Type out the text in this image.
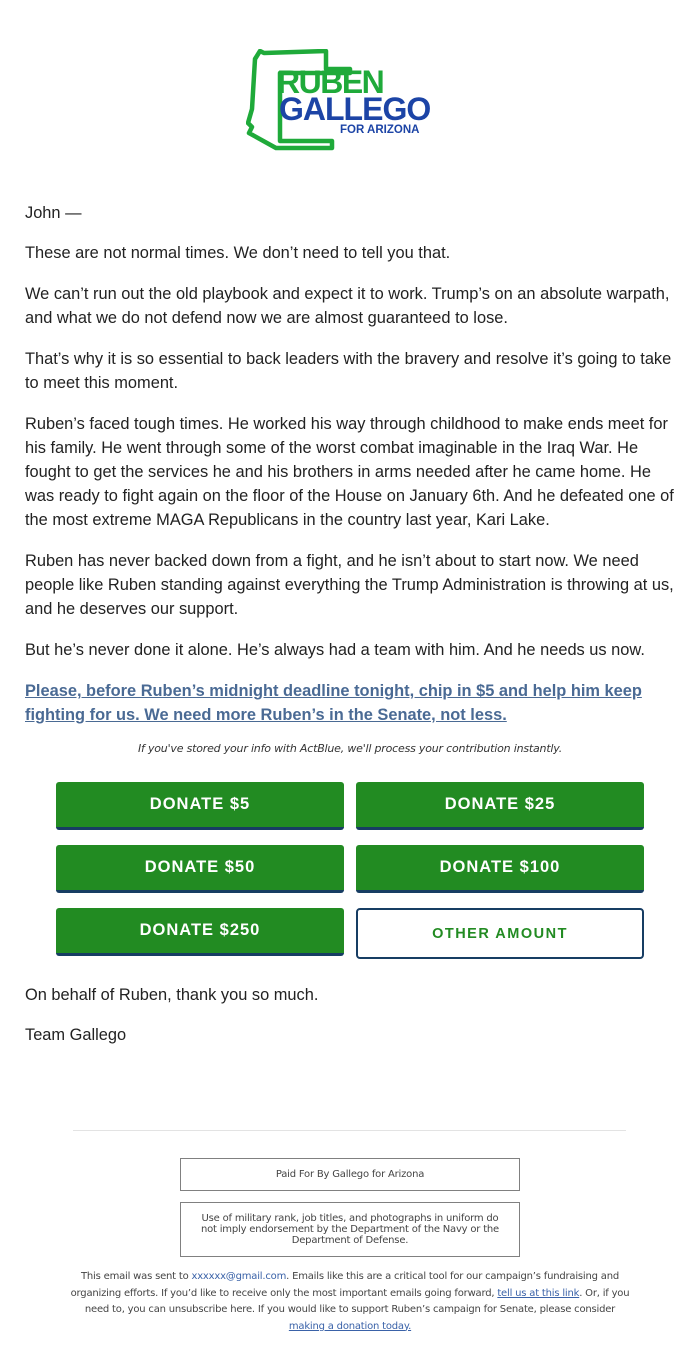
RUBEN
GALLEGO
FOR ARIZONA

John —

These are not normal times. We don’t need to tell you that.

We can’t run out the old playbook and expect it to work. Trump’s on an absolute warpath, and what we do not defend now we are almost guaranteed to lose.

That’s why it is so essential to back leaders with the bravery and resolve it’s going to take to meet this moment.

Ruben’s faced tough times. He worked his way through childhood to make ends meet for his family. He went through some of the worst combat imaginable in the Iraq War. He fought to get the services he and his brothers in arms needed after he came home. He was ready to fight again on the floor of the House on January 6th. And he defeated one of the most extreme MAGA Republicans in the country last year, Kari Lake.

Ruben has never backed down from a fight, and he isn’t about to start now. We need people like Ruben standing against everything the Trump Administration is throwing at us, and he deserves our support.

But he’s never done it alone. He’s always had a team with him. And he needs us now.

Please, before Ruben’s midnight deadline tonight, chip in $5 and help him keep fighting for us. We need more Ruben’s in the Senate, not less.

If you've stored your info with ActBlue, we'll process your contribution instantly.
DONATE $5	DONATE $25
DONATE $50	DONATE $100
DONATE $250	OTHER AMOUNT
On behalf of Ruben, thank you so much.
Team Gallego
Paid For By Gallego for Arizona
Use of military rank, job titles, and photographs in uniform do not imply endorsement by the Department of the Navy or the Department of Defense.
This email was sent to xxxxxx@gmail.com. Emails like this are a critical tool for our campaign’s fundraising and organizing efforts. If you’d like to receive only the most important emails going forward, tell us at this link. Or, if you need to, you can unsubscribe here. If you would like to support Ruben’s campaign for Senate, please consider making a donation today.
